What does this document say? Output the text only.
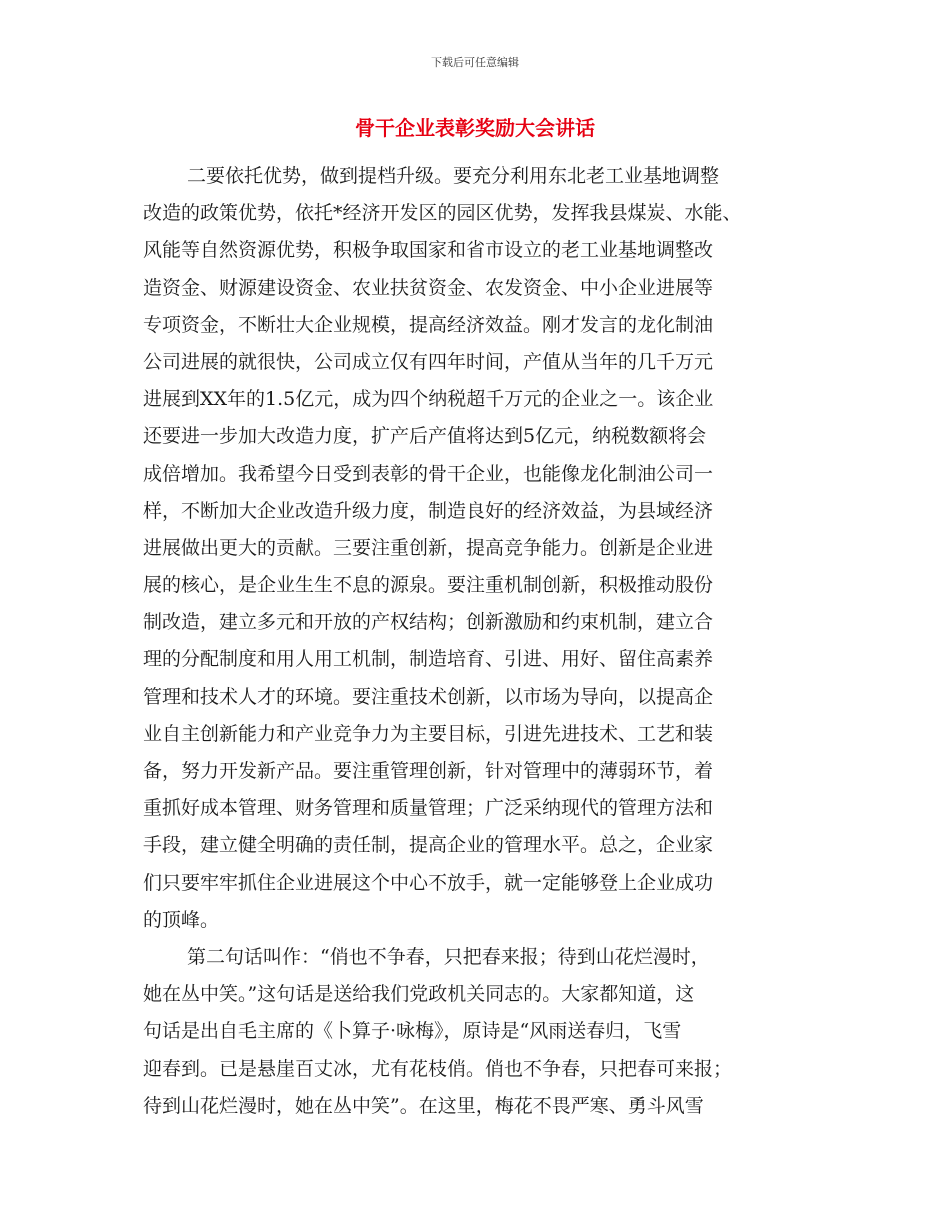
下载后可任意编辑
骨干企业表彰奖励大会讲话
二要依托优势，做到提档升级。要充分利用东北老工业基地调整
改造的政策优势，依托*经济开发区的园区优势，发挥我县煤炭、水能、
风能等自然资源优势，积极争取国家和省市设立的老工业基地调整改
造资金、财源建设资金、农业扶贫资金、农发资金、中小企业进展等
专项资金，不断壮大企业规模，提高经济效益。刚才发言的龙化制油
公司进展的就很快，公司成立仅有四年时间，产值从当年的几千万元
进展到XX年的1.5亿元，成为四个纳税超千万元的企业之一。该企业
还要进一步加大改造力度，扩产后产值将达到5亿元，纳税数额将会
成倍增加。我希望今日受到表彰的骨干企业，也能像龙化制油公司一
样，不断加大企业改造升级力度，制造良好的经济效益，为县域经济
进展做出更大的贡献。三要注重创新，提高竞争能力。创新是企业进
展的核心，是企业生生不息的源泉。要注重机制创新，积极推动股份
制改造，建立多元和开放的产权结构；创新激励和约束机制，建立合
理的分配制度和用人用工机制，制造培育、引进、用好、留住高素养
管理和技术人才的环境。要注重技术创新，以市场为导向，以提高企
业自主创新能力和产业竞争力为主要目标，引进先进技术、工艺和装
备，努力开发新产品。要注重管理创新，针对管理中的薄弱环节，着
重抓好成本管理、财务管理和质量管理；广泛采纳现代的管理方法和
手段，建立健全明确的责任制，提高企业的管理水平。总之，企业家
们只要牢牢抓住企业进展这个中心不放手，就一定能够登上企业成功
的顶峰。
第二句话叫作：“俏也不争春，只把春来报；待到山花烂漫时，
她在丛中笑。”这句话是送给我们党政机关同志的。大家都知道，这
句话是出自毛主席的《卜算子·咏梅》，原诗是“风雨送春归，飞雪
迎春到。已是悬崖百丈冰，尤有花枝俏。俏也不争春，只把春可来报；
待到山花烂漫时，她在丛中笑”。在这里，梅花不畏严寒、勇斗风雪
